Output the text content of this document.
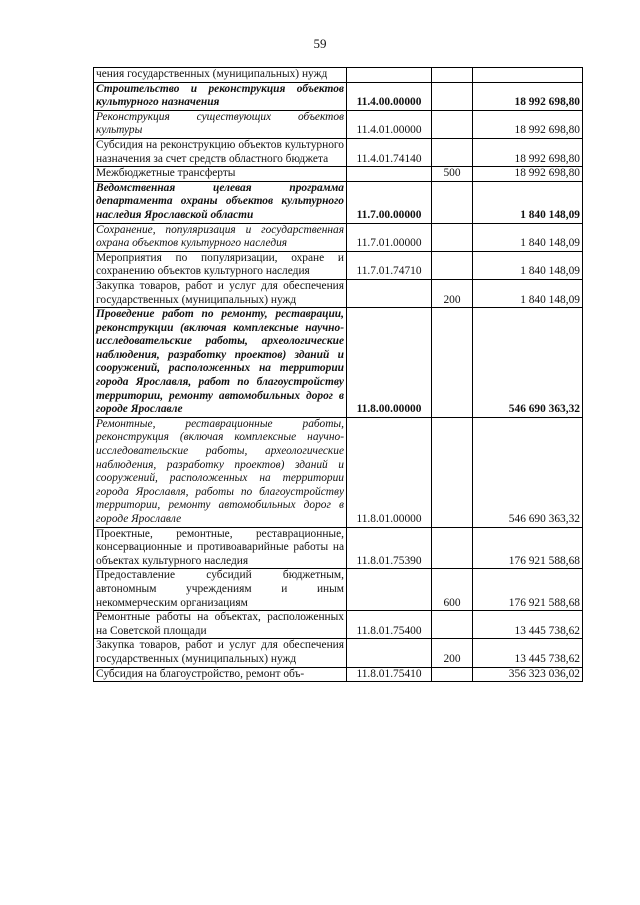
59
чения государственных (муниципальных) нужд			
Строительство и реконструкция объектов культурного назначения	11.4.00.00000		18 992 698,80
Реконструкция существующих объектов культуры	11.4.01.00000		18 992 698,80
Субсидия на реконструкцию объектов культурного назначения за счет средств областного бюджета	11.4.01.74140		18 992 698,80
Межбюджетные трансферты		500	18 992 698,80
Ведомственная целевая программа департамента охраны объектов культурного наследия Ярославской области	11.7.00.00000		1 840 148,09
Сохранение, популяризация и государственная охрана объектов культурного наследия	11.7.01.00000		1 840 148,09
Мероприятия по популяризации, охране и сохранению объектов культурного наследия	11.7.01.74710		1 840 148,09
Закупка товаров, работ и услуг для обеспечения государственных (муниципальных) нужд		200	1 840 148,09
Проведение работ по ремонту, реставрации, реконструкции (включая комплексные научно-исследовательские работы, археологические наблюдения, разработку проектов) зданий и сооружений, расположенных на территории города Ярославля, работ по благоустройству территории, ремонту автомобильных дорог в городе Ярославле	11.8.00.00000		546 690 363,32
Ремонтные, реставрационные работы, реконструкция (включая комплексные научно-исследовательские работы, археологические наблюдения, разработку проектов) зданий и сооружений, расположенных на территории города Ярославля, работы по благоустройству территории, ремонту автомобильных дорог в городе Ярославле	11.8.01.00000		546 690 363,32
Проектные, ремонтные, реставрационные, консервационные и противоаварийные работы на объектах культурного наследия	11.8.01.75390		176 921 588,68
Предоставление субсидий бюджетным, автономным учреждениям и иным некоммерческим организациям		600	176 921 588,68
Ремонтные работы на объектах, расположенных на Советской площади	11.8.01.75400		13 445 738,62
Закупка товаров, работ и услуг для обеспечения государственных (муниципальных) нужд		200	13 445 738,62
Субсидия на благоустройство, ремонт объ-	11.8.01.75410		356 323 036,02
